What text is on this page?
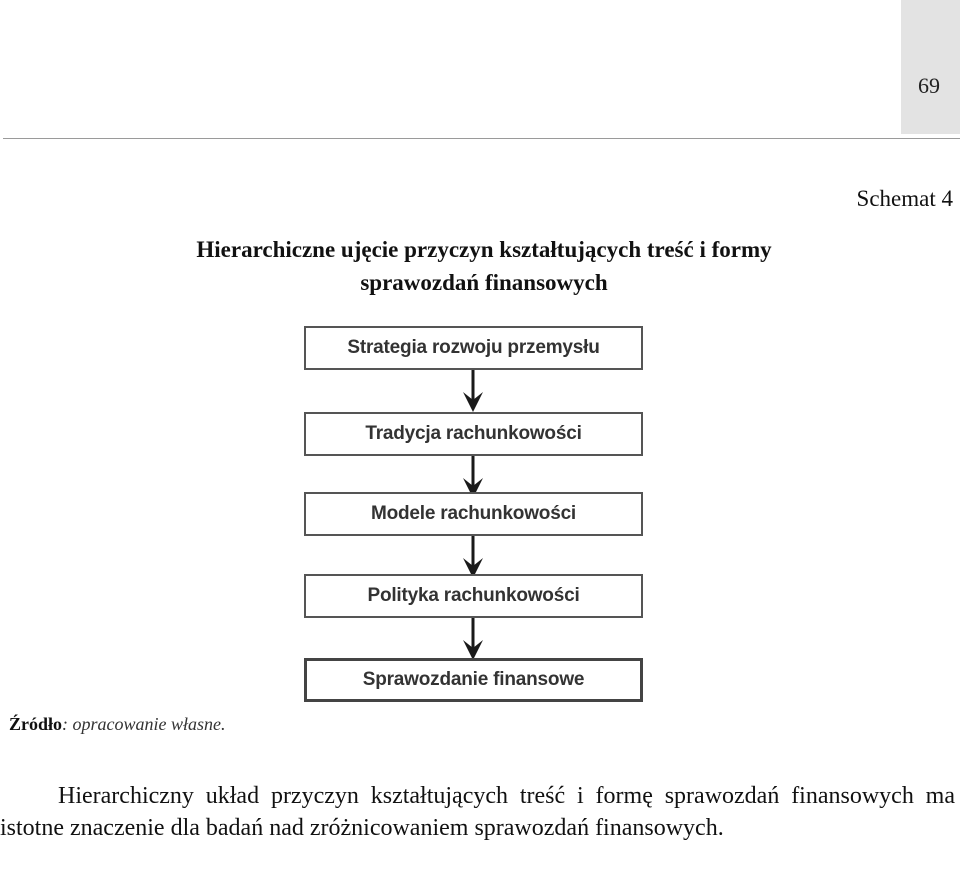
69
Schemat 4
Hierarchiczne ujęcie przyczyn kształtujących treść i formy
sprawozdań finansowych
Strategia rozwoju przemysłu
Tradycja rachunkowości
Modele rachunkowości
Polityka rachunkowości
Sprawozdanie finansowe
Źródło: opracowanie własne.
Hierarchiczny układ przyczyn kształtujących treść i formę sprawozdań finansowych ma istotne znaczenie dla badań nad zróżnicowaniem sprawozdań finansowych.
